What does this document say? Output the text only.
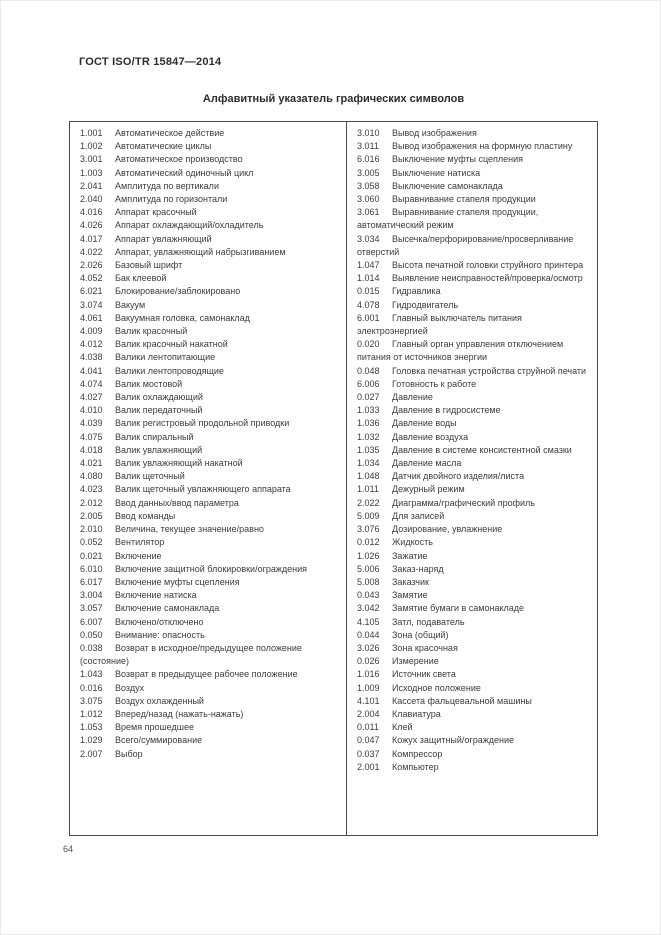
ГОСТ ISO/TR 15847—2014
Алфавитный указатель графических символов
1.001 Автоматическое действие
1.002 Автоматические циклы
3.001 Автоматическое производство
1.003 Автоматический одиночный цикл
2.041 Амплитуда по вертикали
2.040 Амплитуда по горизонтали
4.016 Аппарат красочный
4.026 Аппарат охлаждающий/охладитель
4.017 Аппарат увлажняющий
4.022 Аппарат, увлажняющий набрызгиванием
2.026 Базовый шрифт
4.052 Бак клеевой
6.021 Блокирование/заблокировано
3.074 Вакуум
4.061 Вакуумная головка, самонаклад
4.009 Валик красочный
4.012 Валик красочный накатной
4.038 Валики лентопитающие
4.041 Валики лентопроводящие
4.074 Валик мостовой
4.027 Валик охлаждающий
4.010 Валик передаточный
4.039 Валик регистровый продольной приводки
4.075 Валик спиральный
4.018 Валик увлажняющий
4.021 Валик увлажняющий накатной
4.080 Валик щеточный
4.023 Валик щеточный увлажняющего аппарата
2.012 Ввод данных/ввод параметра
2.005 Ввод команды
2.010 Величина, текущее значение/равно
0.052 Вентилятор
0.021 Включение
6.010 Включение защитной блокировки/ограждения
6.017 Включение муфты сцепления
3.004 Включение натиска
3.057 Включение самонаклада
6.007 Включено/отключено
0.050 Внимание: опасность
0.038 Возврат в исходное/предыдущее положение (состояние)
1.043 Возврат в предыдущее рабочее положение
0.016 Воздух
3.075 Воздух охлажденный
1.012 Вперед/назад (нажать-нажать)
1.053 Время прошедшее
1.029 Всего/суммирование
2.007 Выбор
3.010 Вывод изображения
3.011 Вывод изображения на формную пластину
6.016 Выключение муфты сцепления
3.005 Выключение натиска
3.058 Выключение самонаклада
3.060 Выравнивание стапеля продукции
3.061 Выравнивание стапеля продукции, автоматический режим
3.034 Высечка/перфорирование/просверливание отверстий
1.047 Высота печатной головки струйного принтера
1.014 Выявление неисправностей/проверка/осмотр
0.015 Гидравлика
4.078 Гидродвигатель
6.001 Главный выключатель питания электроэнергией
0.020 Главный орган управления отключением питания от источников энергии
0.048 Головка печатная устройства струйной печати
6.006 Готовность к работе
0.027 Давление
1.033 Давление в гидросистеме
1.036 Давление воды
1.032 Давление воздуха
1.035 Давление в системе консистентной смазки
1.034 Давление масла
1.048 Датчик двойного изделия/листа
1.011 Дежурный режим
2.022 Диаграмма/графический профиль
5.009 Для записей
3.076 Дозирование, увлажнение
0.012 Жидкость
1.026 Зажатие
5.006 Заказ-наряд
5.008 Заказчик
0.043 Замятие
3.042 Замятие бумаги в самонакладе
4.105 Затл, подаватель
0.044 Зона (общий)
3.026 Зона красочная
0.026 Измерение
1.016 Источник света
1.009 Исходное положение
4.101 Кассета фальцевальной машины
2.004 Клавиатура
0.011 Клей
0.047 Кожух защитный/ограждение
0.037 Компрессор
2.001 Компьютер
64
